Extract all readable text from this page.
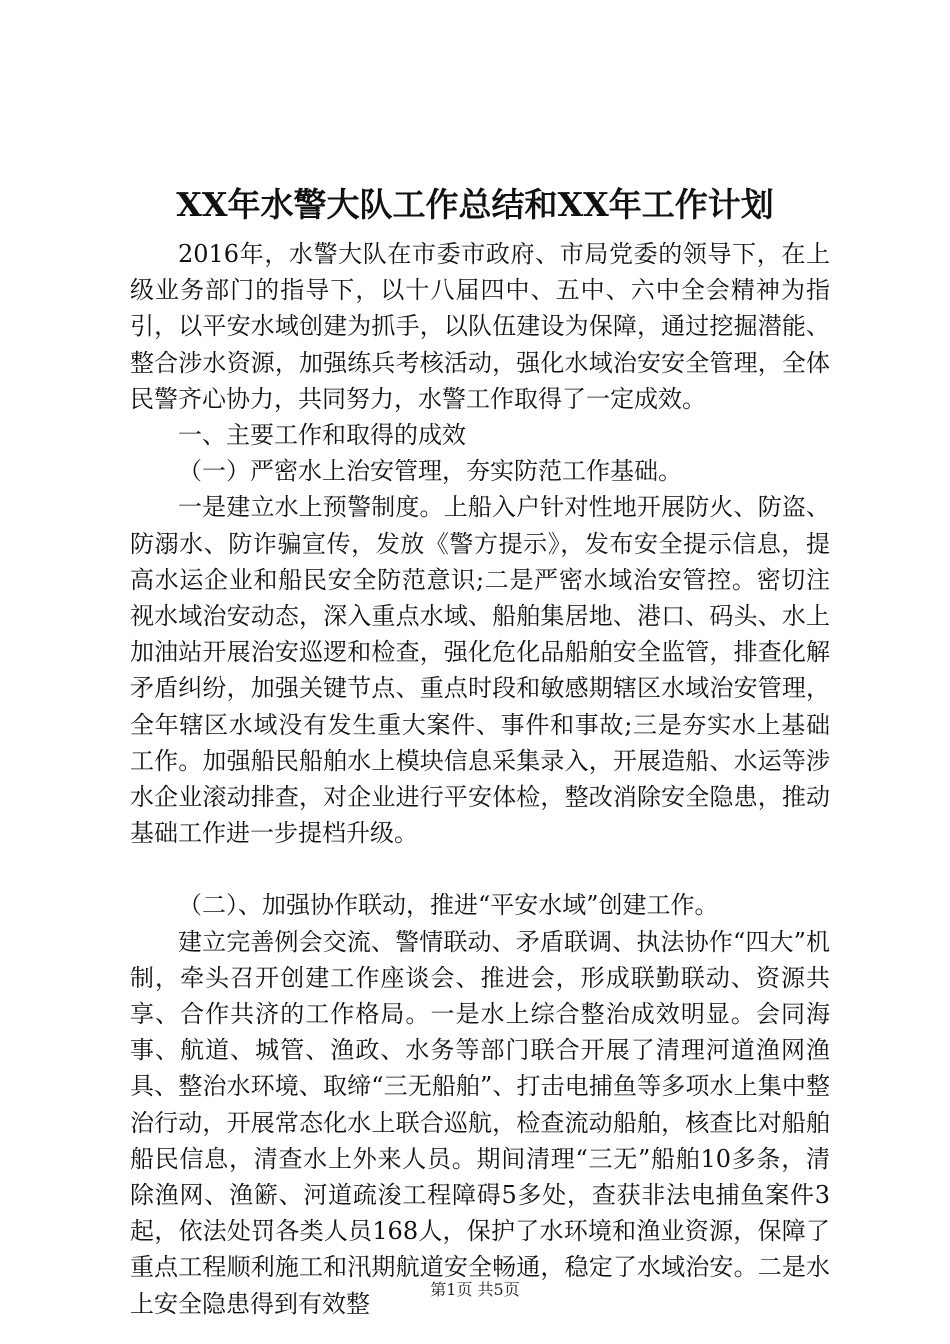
XX年水警大队工作总结和XX年工作计划

2016年，水警大队在市委市政府、市局党委的领导下，在上级业务部门的指导下，以十八届四中、五中、六中全会精神为指引，以平安水域创建为抓手，以队伍建设为保障，通过挖掘潜能、整合涉水资源，加强练兵考核活动，强化水域治安安全管理，全体民警齐心协力，共同努力，水警工作取得了一定成效。

一、主要工作和取得的成效

（一）严密水上治安管理，夯实防范工作基础。

一是建立水上预警制度。上船入户针对性地开展防火、防盗、防溺水、防诈骗宣传，发放《警方提示》，发布安全提示信息，提高水运企业和船民安全防范意识;二是严密水域治安管控。密切注视水域治安动态，深入重点水域、船舶集居地、港口、码头、水上加油站开展治安巡逻和检查，强化危化品船舶安全监管，排查化解矛盾纠纷，加强关键节点、重点时段和敏感期辖区水域治安管理，全年辖区水域没有发生重大案件、事件和事故;三是夯实水上基础工作。加强船民船舶水上模块信息采集录入，开展造船、水运等涉水企业滚动排查，对企业进行平安体检，整改消除安全隐患，推动基础工作进一步提档升级。

（二）、加强协作联动，推进“平安水域”创建工作。

建立完善例会交流、警情联动、矛盾联调、执法协作“四大”机制，牵头召开创建工作座谈会、推进会，形成联勤联动、资源共享、合作共济的工作格局。一是水上综合整治成效明显。会同海事、航道、城管、渔政、水务等部门联合开展了清理河道渔网渔具、整治水环境、取缔“三无船舶”、打击电捕鱼等多项水上集中整治行动，开展常态化水上联合巡航，检查流动船舶，核查比对船舶船民信息，清查水上外来人员。期间清理“三无”船舶10多条，清除渔网、渔簖、河道疏浚工程障碍5多处，查获非法电捕鱼案件3起，依法处罚各类人员168人，保护了水环境和渔业资源，保障了重点工程顺利施工和汛期航道安全畅通，稳定了水域治安。二是水上安全隐患得到有效整

第1页 共5页
